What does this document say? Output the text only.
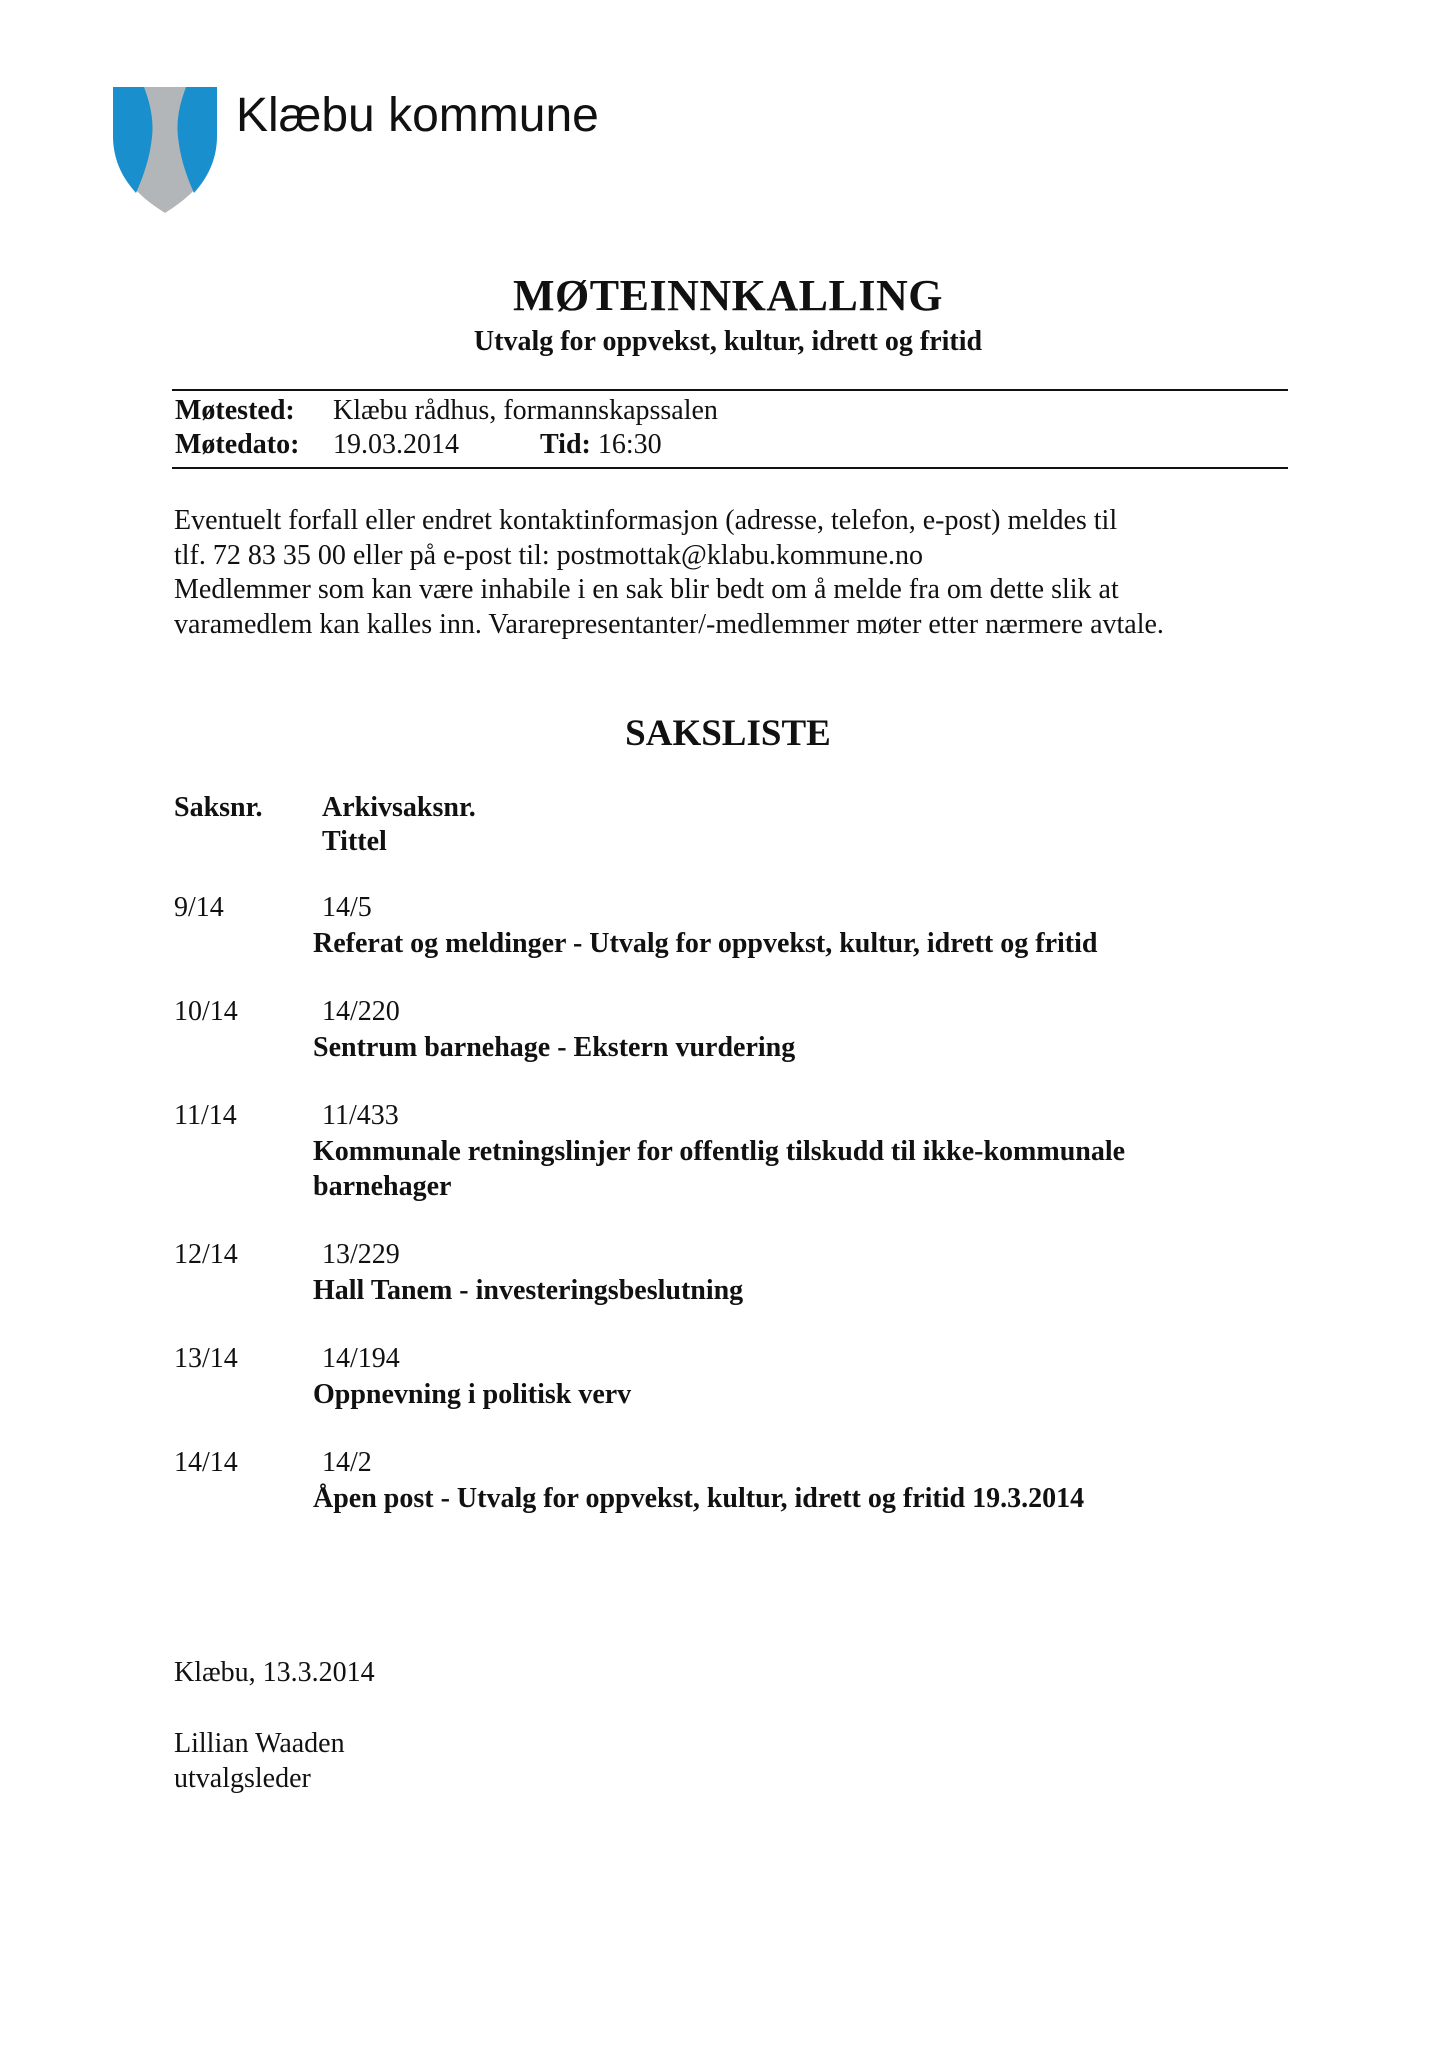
Klæbu kommune
MØTEINNKALLING
Utvalg for oppvekst, kultur, idrett og fritid
Møtested: Klæbu rådhus, formannskapssalen
Møtedato: 19.03.2014	Tid: 16:30
Eventuelt forfall eller endret kontaktinformasjon (adresse, telefon, e-post) meldes til
tlf. 72 83 35 00 eller på e-post til: postmottak@klabu.kommune.no
Medlemmer som kan være inhabile i en sak blir bedt om å melde fra om dette slik at
varamedlem kan kalles inn. Vararepresentanter/-medlemmer møter etter nærmere avtale.
SAKSLISTE
Saksnr. Arkivsaksnr.
Tittel
9/14	14/5
Referat og meldinger - Utvalg for oppvekst, kultur, idrett og fritid
10/14	14/220
Sentrum barnehage - Ekstern vurdering
11/14	11/433
Kommunale retningslinjer for offentlig tilskudd til ikke-kommunale barnehager
12/14	13/229
Hall Tanem - investeringsbeslutning
13/14	14/194
Oppnevning i politisk verv
14/14	14/2
Åpen post - Utvalg for oppvekst, kultur, idrett og fritid 19.3.2014
Klæbu, 13.3.2014
Lillian Waaden
utvalgsleder
